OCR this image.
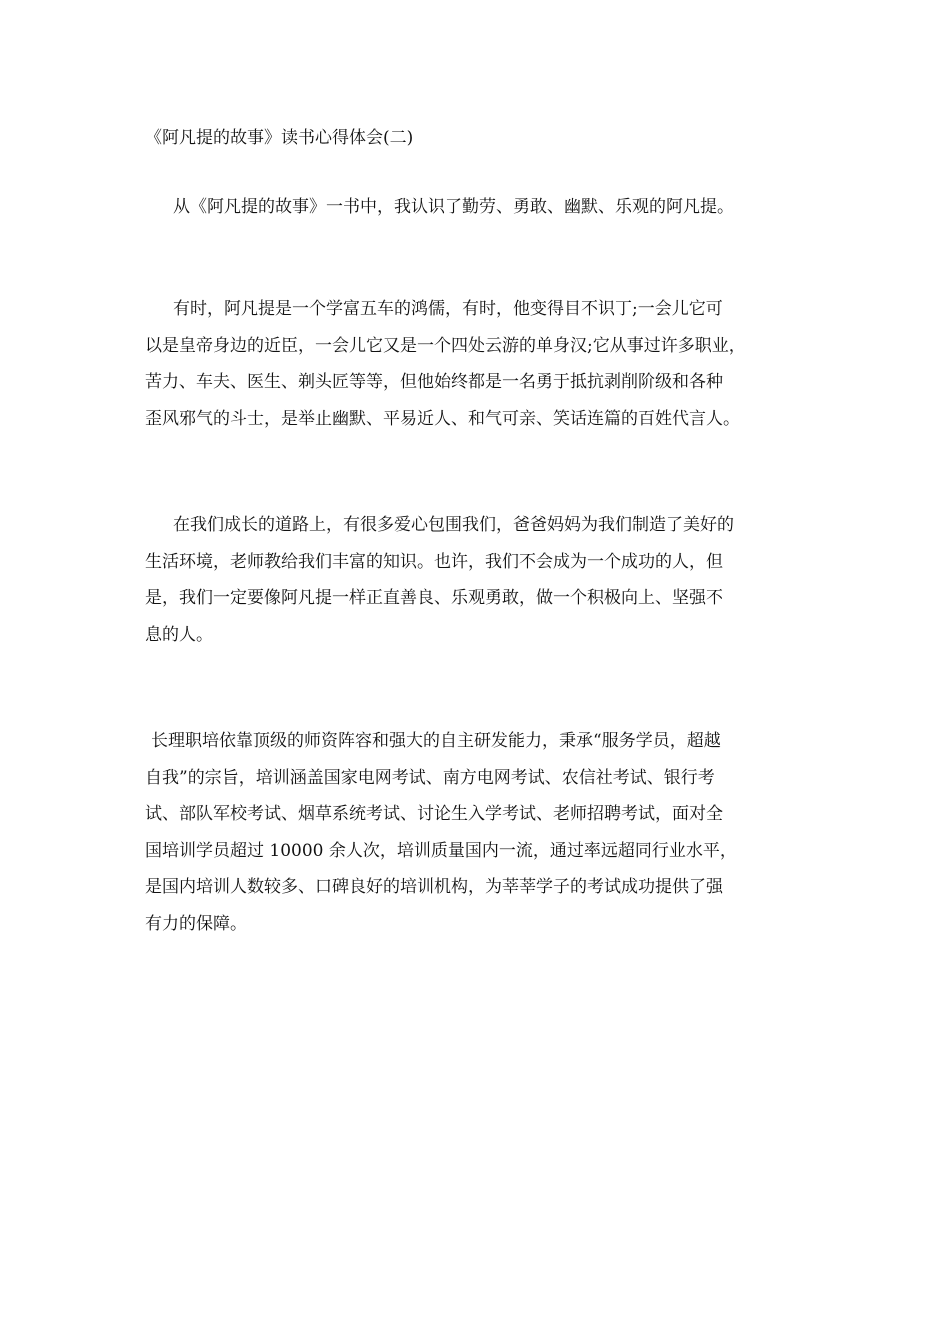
《阿凡提的故事》读书心得体会(二)

从《阿凡提的故事》一书中，我认识了勤劳、勇敢、幽默、乐观的阿凡提。

有时，阿凡提是一个学富五车的鸿儒，有时，他变得目不识丁;一会儿它可
以是皇帝身边的近臣，一会儿它又是一个四处云游的单身汉;它从事过许多职业，
苦力、车夫、医生、剃头匠等等，但他始终都是一名勇于抵抗剥削阶级和各种
歪风邪气的斗士，是举止幽默、平易近人、和气可亲、笑话连篇的百姓代言人。

在我们成长的道路上，有很多爱心包围我们，爸爸妈妈为我们制造了美好的
生活环境，老师教给我们丰富的知识。也许，我们不会成为一个成功的人，但
是，我们一定要像阿凡提一样正直善良、乐观勇敢，做一个积极向上、坚强不
息的人。

长理职培依靠顶级的师资阵容和强大的自主研发能力，秉承“服务学员，超越
自我”的宗旨，培训涵盖国家电网考试、南方电网考试、农信社考试、银行考
试、部队军校考试、烟草系统考试、讨论生入学考试、老师招聘考试，面对全
国培训学员超过 10000 余人次，培训质量国内一流，通过率远超同行业水平，
是国内培训人数较多、口碑良好的培训机构，为莘莘学子的考试成功提供了强
有力的保障。
